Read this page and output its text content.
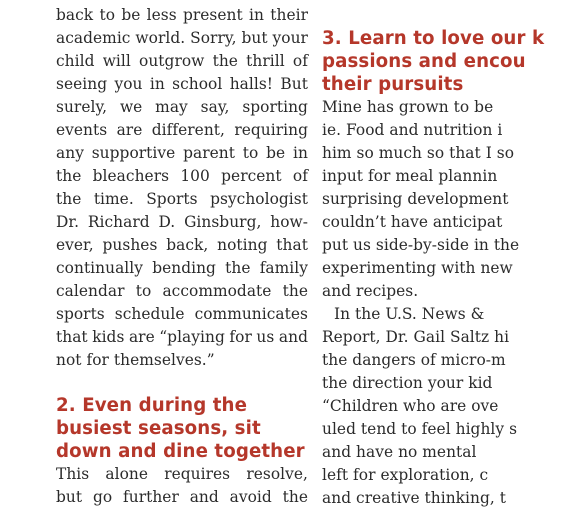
back to be less present in their
academic world. Sorry, but your
child will outgrow the thrill of
seeing you in school halls! But
surely, we may say, sporting
events are different, requiring
any supportive parent to be in
the bleachers 100 percent of
the time. Sports psychologist
Dr. Richard D. Ginsburg, how-
ever, pushes back, noting that
continually bending the family
calendar to accommodate the
sports schedule communicates
that kids are “playing for us and
not for themselves.”
2. Even during the
busiest seasons, sit
down and dine together
This alone requires resolve,
but go further and avoid the
3. Learn to love our k
passions and encou
their pursuits
Mine has grown to be
ie. Food and nutrition i
him so much so that I so
input for meal plannin
surprising development
couldn’t have anticipat
put us side-by-side in the
experimenting with new
and recipes.
In the U.S. News &
Report, Dr. Gail Saltz hi
the dangers of micro-m
the direction your kid
“Children who are ove
uled tend to feel highly s
and have no mental
left for exploration, c
and creative thinking, t
